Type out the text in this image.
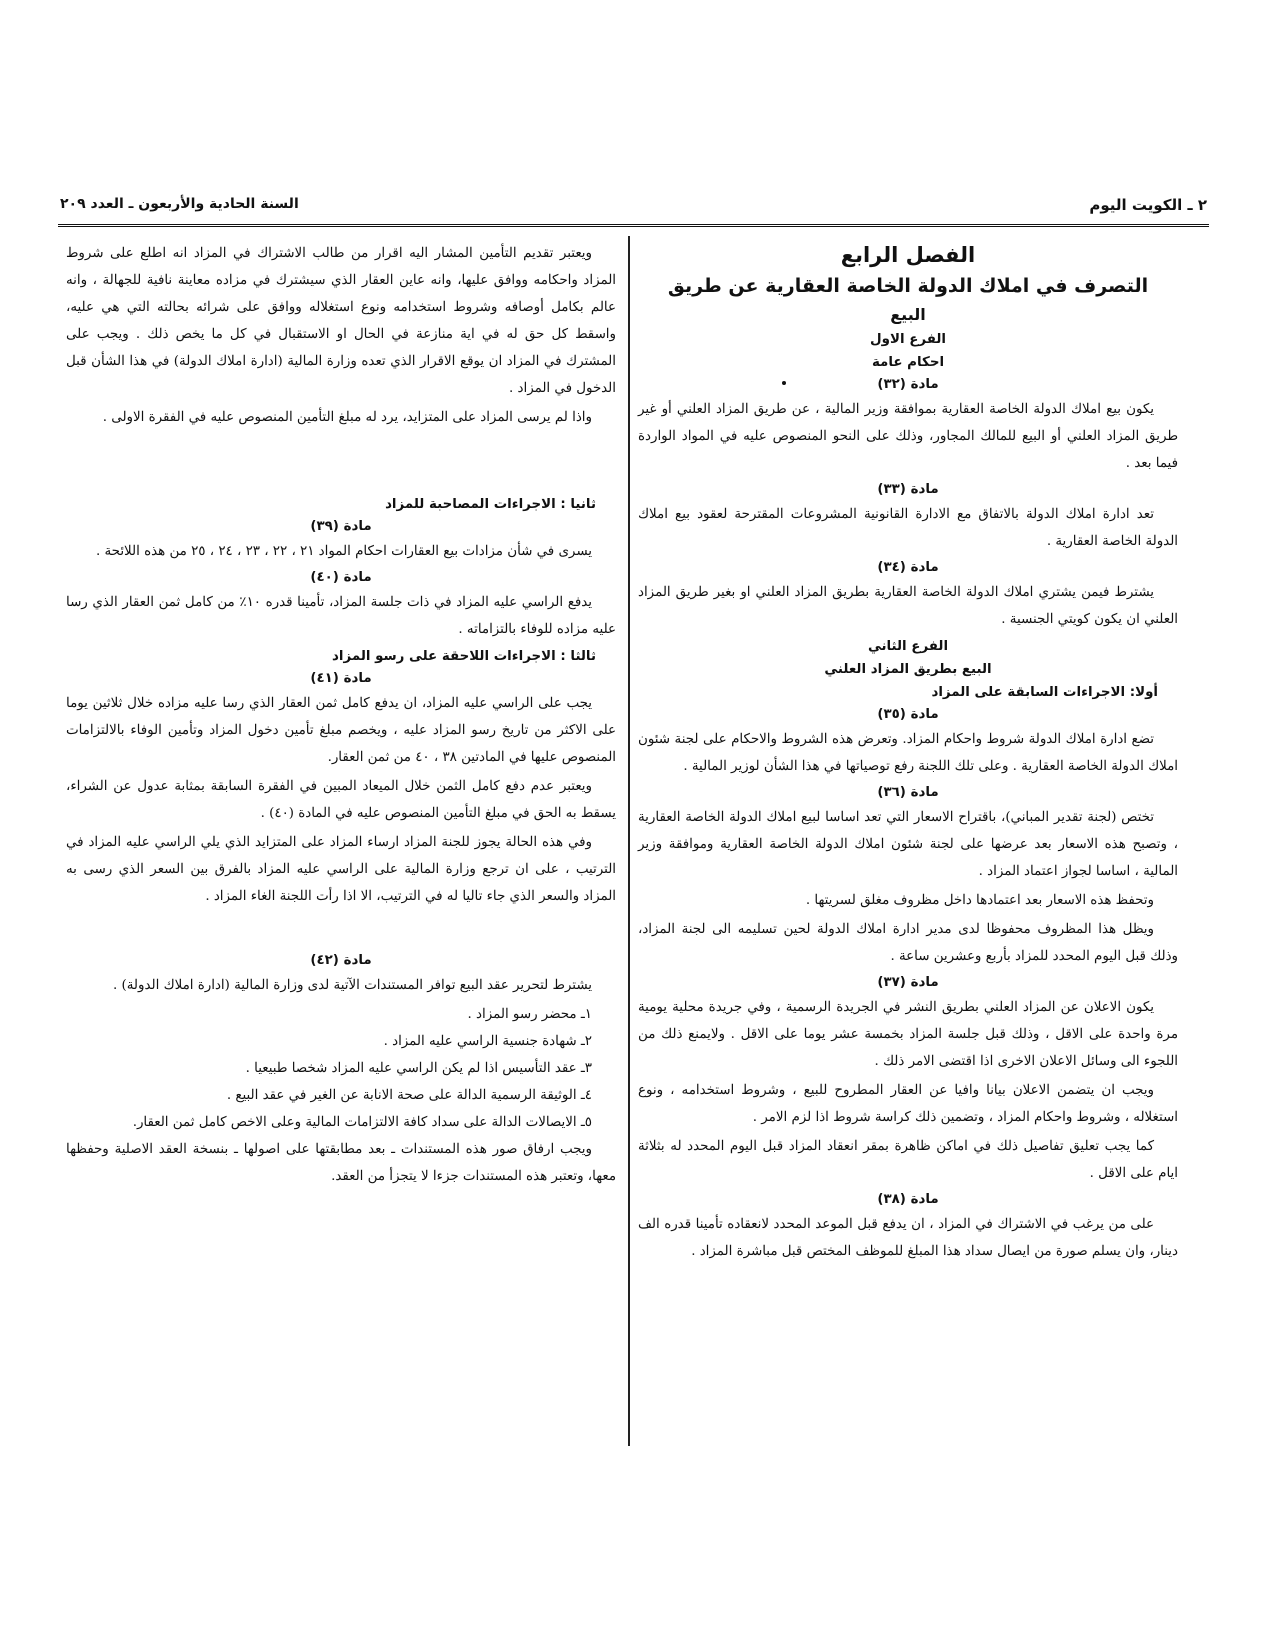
السنة الحادية والأربعون ـ العدد ٢٠٩	٢ ـ الكويت اليوم

الفصل الرابع

التصرف في املاك الدولة الخاصة العقارية عن طريق

البيع

الفرع الاول

احكام عامة

مادة (٣٢)

يكون بيع املاك الدولة الخاصة العقارية بموافقة وزير المالية ، عن طريق المزاد العلني أو غير طريق المزاد العلني أو البيع للمالك المجاور، وذلك على النحو المنصوص عليه في المواد الواردة فيما بعد .

مادة (٣٣)

تعد ادارة املاك الدولة بالاتفاق مع الادارة القانونية المشروعات المقترحة لعقود بيع املاك الدولة الخاصة العقارية .

مادة (٣٤)

يشترط فيمن يشتري املاك الدولة الخاصة العقارية بطريق المزاد العلني او بغير طريق المزاد العلني ان يكون كويتي الجنسية .

الفرع الثاني

البيع بطريق المزاد العلني

أولا: الاجراءات السابقة على المزاد

مادة (٣٥)

تضع ادارة املاك الدولة شروط واحكام المزاد. وتعرض هذه الشروط والاحكام على لجنة شئون املاك الدولة الخاصة العقارية . وعلى تلك اللجنة رفع توصياتها في هذا الشأن لوزير المالية .

مادة (٣٦)

تختص (لجنة تقدير المباني)، باقتراح الاسعار التي تعد اساسا لبيع املاك الدولة الخاصة العقارية ، وتصبح هذه الاسعار بعد عرضها على لجنة شئون املاك الدولة الخاصة العقارية وموافقة وزير المالية ، اساسا لجواز اعتماد المزاد .

وتحفظ هذه الاسعار بعد اعتمادها داخل مظروف مغلق لسريتها .

ويظل هذا المظروف محفوظا لدى مدير ادارة املاك الدولة لحين تسليمه الى لجنة المزاد، وذلك قبل اليوم المحدد للمزاد بأربع وعشرين ساعة .

مادة (٣٧)

يكون الاعلان عن المزاد العلني بطريق النشر في الجريدة الرسمية ، وفي جريدة محلية يومية مرة واحدة على الاقل ، وذلك قبل جلسة المزاد بخمسة عشر يوما على الاقل . ولايمنع ذلك من اللجوء الى وسائل الاعلان الاخرى اذا اقتضى الامر ذلك .

ويجب ان يتضمن الاعلان بيانا وافيا عن العقار المطروح للبيع ، وشروط استخدامه ، ونوع استغلاله ، وشروط واحكام المزاد ، وتضمين ذلك كراسة شروط اذا لزم الامر .

كما يجب تعليق تفاصيل ذلك في اماكن ظاهرة بمقر انعقاد المزاد قبل اليوم المحدد له بثلاثة ايام على الاقل .

مادة (٣٨)

على من يرغب في الاشتراك في المزاد ، ان يدفع قبل الموعد المحدد لانعقاده تأمينا قدره الف دينار، وان يسلم صورة من ايصال سداد هذا المبلغ للموظف المختص قبل مباشرة المزاد .

ويعتبر تقديم التأمين المشار اليه اقرار من طالب الاشتراك في المزاد انه اطلع على شروط المزاد واحكامه ووافق عليها، وانه عاين العقار الذي سيشترك في مزاده معاينة نافية للجهالة ، وانه عالم بكامل أوصافه وشروط استخدامه ونوع استغلاله ووافق على شرائه بحالته التي هي عليه، واسقط كل حق له في اية منازعة في الحال او الاستقبال في كل ما يخص ذلك . ويجب على المشترك في المزاد ان يوقع الاقرار الذي تعده وزارة المالية (ادارة املاك الدولة) في هذا الشأن قبل الدخول في المزاد .

واذا لم يرسى المزاد على المتزايد، يرد له مبلغ التأمين المنصوص عليه في الفقرة الاولى .

ثانيا : الاجراءات المصاحبة للمزاد

مادة (٣٩)

يسرى في شأن مزادات بيع العقارات احكام المواد ٢١ ، ٢٢ ، ٢٣ ، ٢٤ ، ٢٥ من هذه اللائحة .

مادة (٤٠)

يدفع الراسي عليه المزاد في ذات جلسة المزاد، تأمينا قدره ١٠٪ من كامل ثمن العقار الذي رسا عليه مزاده للوفاء بالتزاماته .

ثالثا : الاجراءات اللاحقة على رسو المزاد

مادة (٤١)

يجب على الراسي عليه المزاد، ان يدفع كامل ثمن العقار الذي رسا عليه مزاده خلال ثلاثين يوما على الاكثر من تاريخ رسو المزاد عليه ، ويخصم مبلغ تأمين دخول المزاد وتأمين الوفاء بالالتزامات المنصوص عليها في المادتين ٣٨ ، ٤٠ من ثمن العقار.

ويعتبر عدم دفع كامل الثمن خلال الميعاد المبين في الفقرة السابقة بمثابة عدول عن الشراء، يسقط به الحق في مبلغ التأمين المنصوص عليه في المادة (٤٠) .

وفي هذه الحالة يجوز للجنة المزاد ارساء المزاد على المتزايد الذي يلي الراسي عليه المزاد في الترتيب ، على ان ترجع وزارة المالية على الراسي عليه المزاد بالفرق بين السعر الذي رسى به المزاد والسعر الذي جاء تاليا له في الترتيب، الا اذا رأت اللجنة الغاء المزاد .

مادة (٤٢)

يشترط لتحرير عقد البيع توافر المستندات الآتية لدى وزارة المالية (ادارة املاك الدولة) .

١ـ محضر رسو المزاد .

٢ـ شهادة جنسية الراسي عليه المزاد .

٣ـ عقد التأسيس اذا لم يكن الراسي عليه المزاد شخصا طبيعيا .

٤ـ الوثيقة الرسمية الدالة على صحة الانابة عن الغير في عقد البيع .

٥ـ الايصالات الدالة على سداد كافة الالتزامات المالية وعلى الاخص كامل ثمن العقار.

ويجب ارفاق صور هذه المستندات ـ بعد مطابقتها على اصولها ـ بنسخة العقد الاصلية وحفظها معها، وتعتبر هذه المستندات جزءا لا يتجزأ من العقد.
